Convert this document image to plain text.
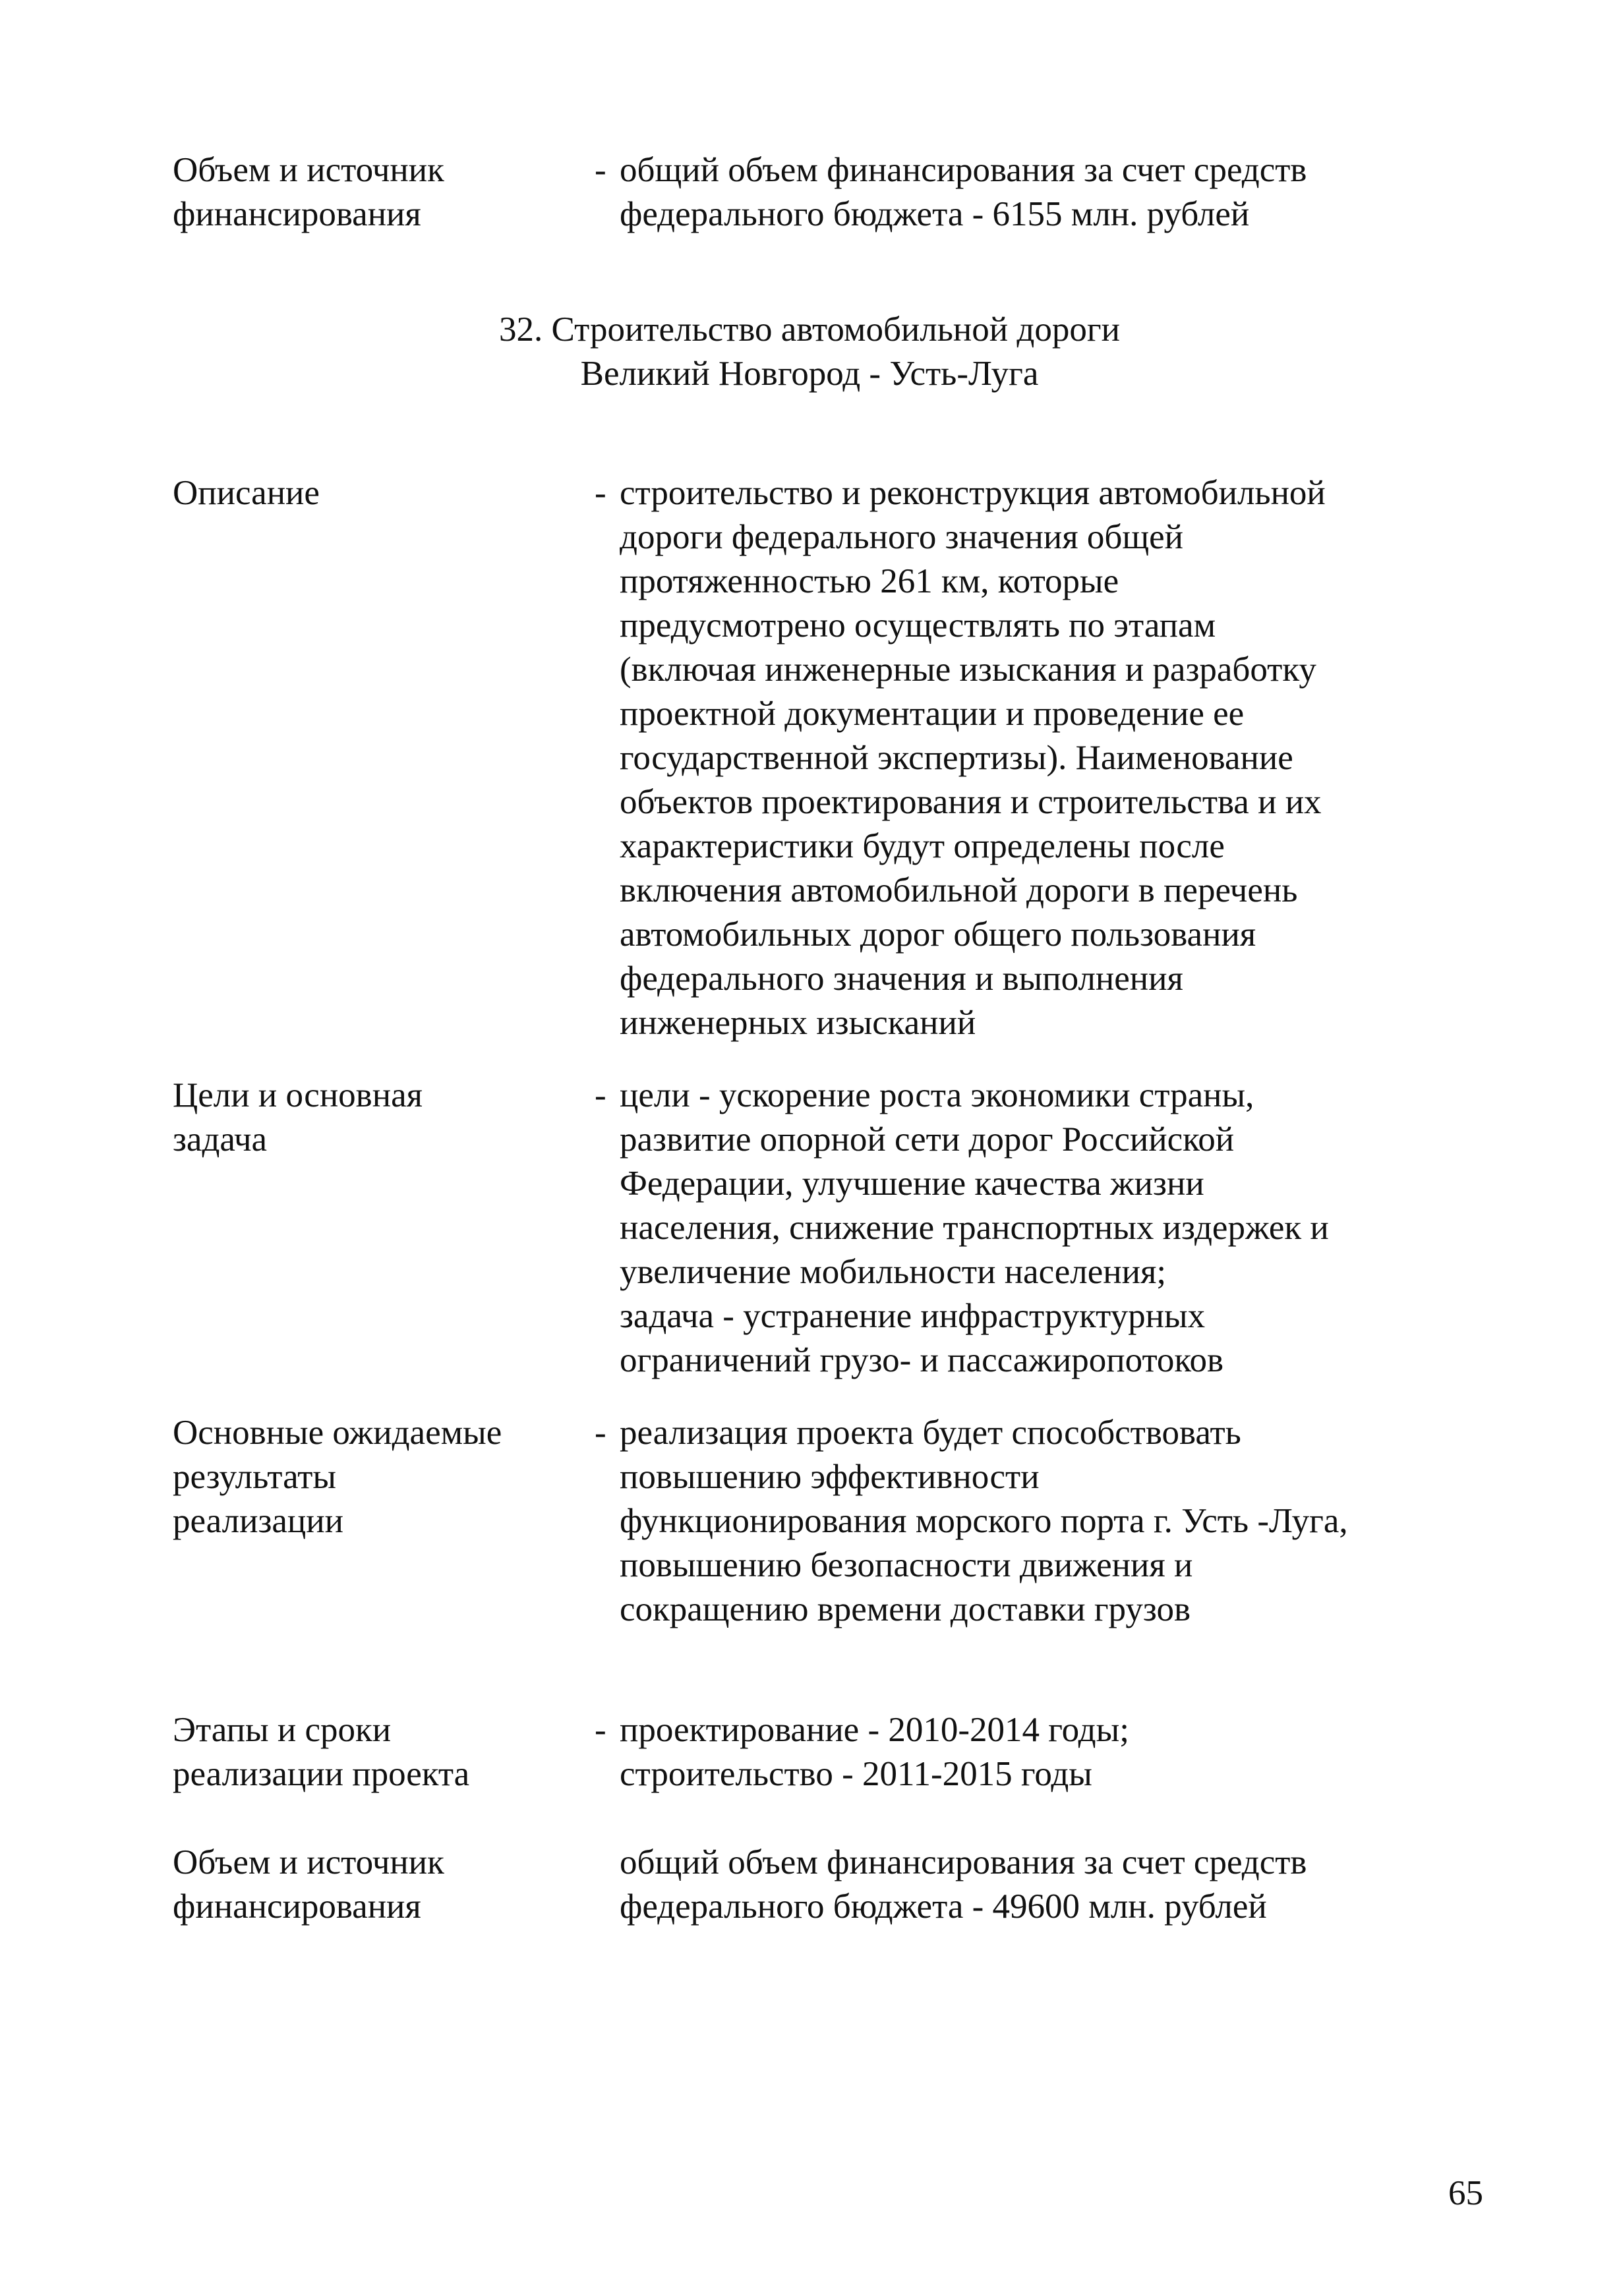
Объем и источник
финансирования
- общий объем финансирования за счет средств
федерального бюджета - 6155 млн. рублей
32. Строительство автомобильной дороги
Великий Новгород - Усть-Луга
Описание	- строительство и реконструкция автомобильной
дороги федерального значения общей
протяженностью 261 км, которые
предусмотрено осуществлять по этапам
(включая инженерные изыскания и разработку
проектной документации и проведение ее
государственной экспертизы). Наименование
объектов проектирования и строительства и их
характеристики будут определены после
включения автомобильной дороги в перечень
автомобильных дорог общего пользования
федерального значения и выполнения
инженерных изысканий
Цели и основная
задача
- цели - ускорение роста экономики страны,
развитие опорной сети дорог Российской
Федерации, улучшение качества жизни
населения, снижение транспортных издержек и
увеличение мобильности населения;
задача - устранение инфраструктурных
ограничений грузо- и пассажиропотоков
Основные ожидаемые
результаты
реализации
- реализация проекта будет способствовать
повышению эффективности
функционирования морского порта г. Усть -Луга,
повышению безопасности движения и
сокращению времени доставки грузов
Этапы и сроки
реализации проекта
- проектирование - 2010-2014 годы;
строительство - 2011-2015 годы
Объем и источник
финансирования
общий объем финансирования за счет средств
федерального бюджета - 49600 млн. рублей
65
